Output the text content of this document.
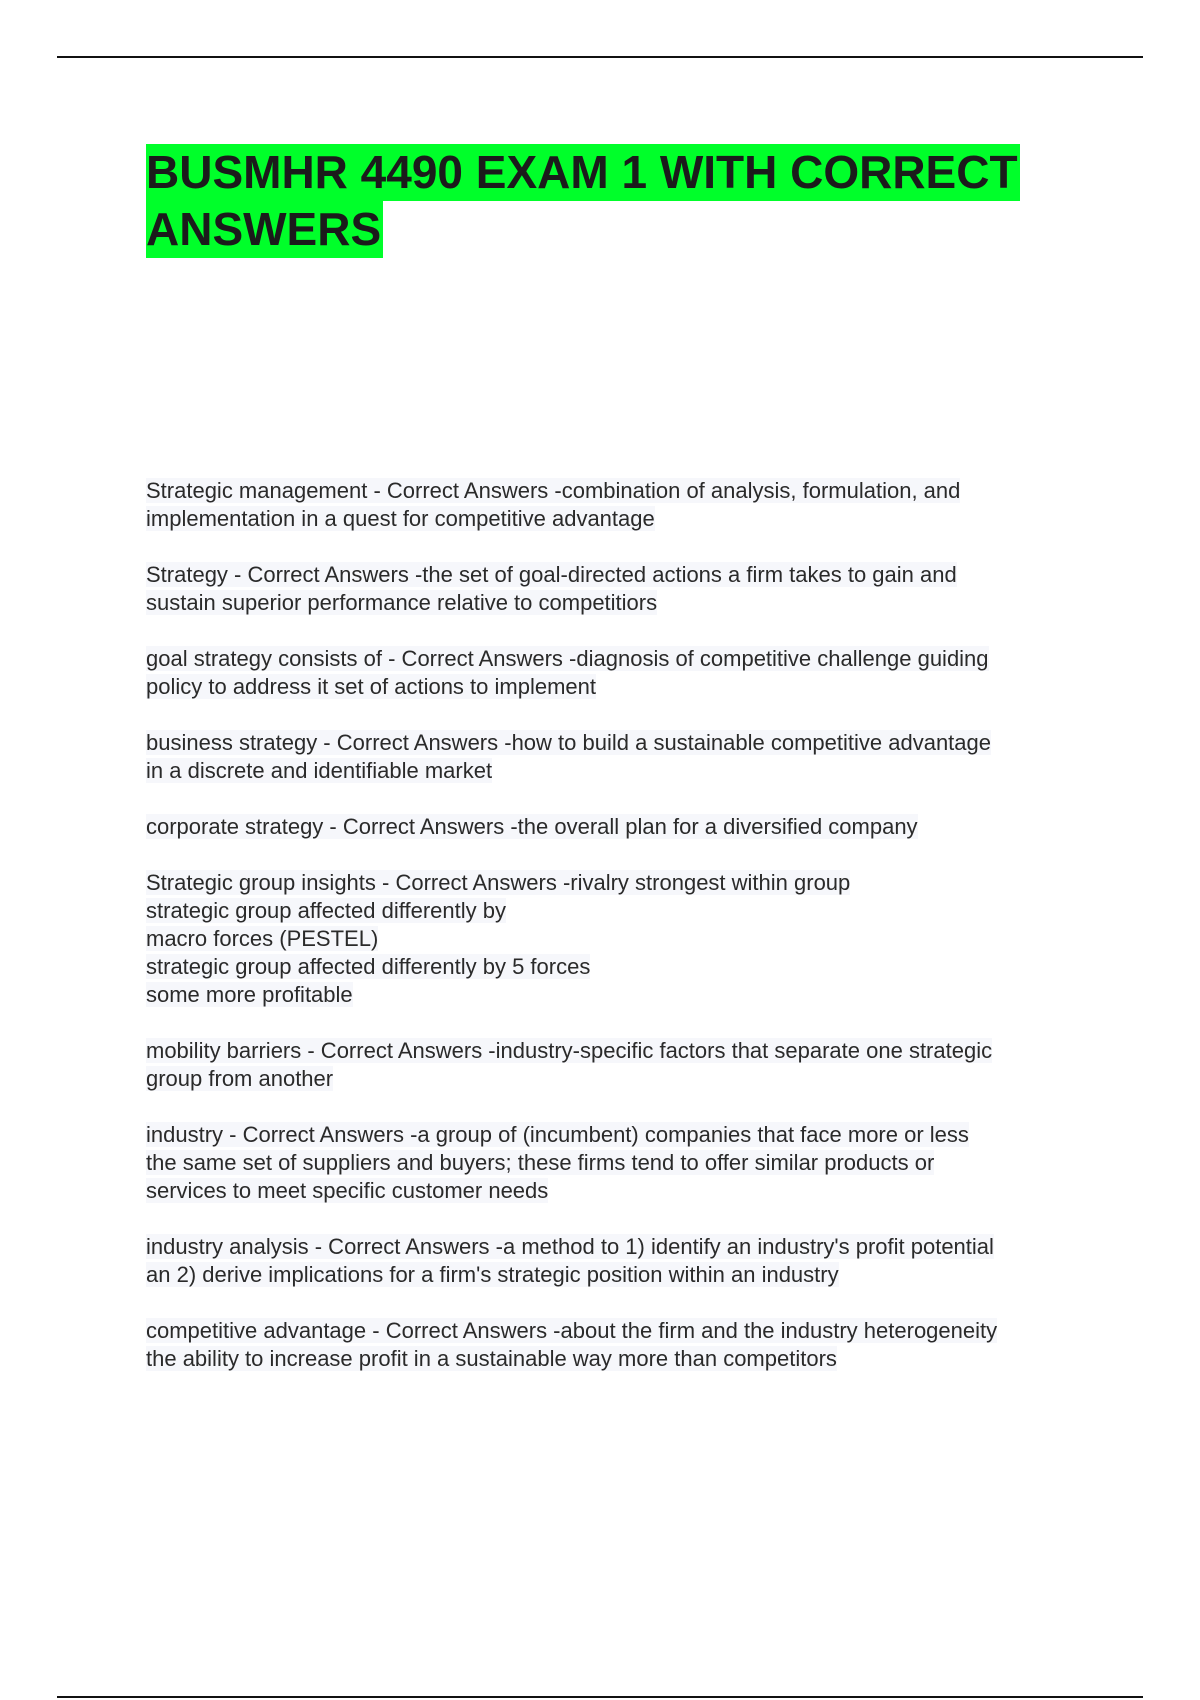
BUSMHR 4490 EXAM 1 WITH CORRECT
ANSWERS
Strategic management - Correct Answers -combination of analysis, formulation, and
implementation in a quest for competitive advantage
Strategy - Correct Answers -the set of goal-directed actions a firm takes to gain and
sustain superior performance relative to competitiors
goal strategy consists of - Correct Answers -diagnosis of competitive challenge guiding
policy to address it set of actions to implement
business strategy - Correct Answers -how to build a sustainable competitive advantage
in a discrete and identifiable market
corporate strategy - Correct Answers -the overall plan for a diversified company
Strategic group insights - Correct Answers -rivalry strongest within group
strategic group affected differently by
macro forces (PESTEL)
strategic group affected differently by 5 forces
some more profitable
mobility barriers - Correct Answers -industry-specific factors that separate one strategic
group from another
industry - Correct Answers -a group of (incumbent) companies that face more or less
the same set of suppliers and buyers; these firms tend to offer similar products or
services to meet specific customer needs
industry analysis - Correct Answers -a method to 1) identify an industry's profit potential
an 2) derive implications for a firm's strategic position within an industry
competitive advantage - Correct Answers -about the firm and the industry heterogeneity
the ability to increase profit in a sustainable way more than competitors
